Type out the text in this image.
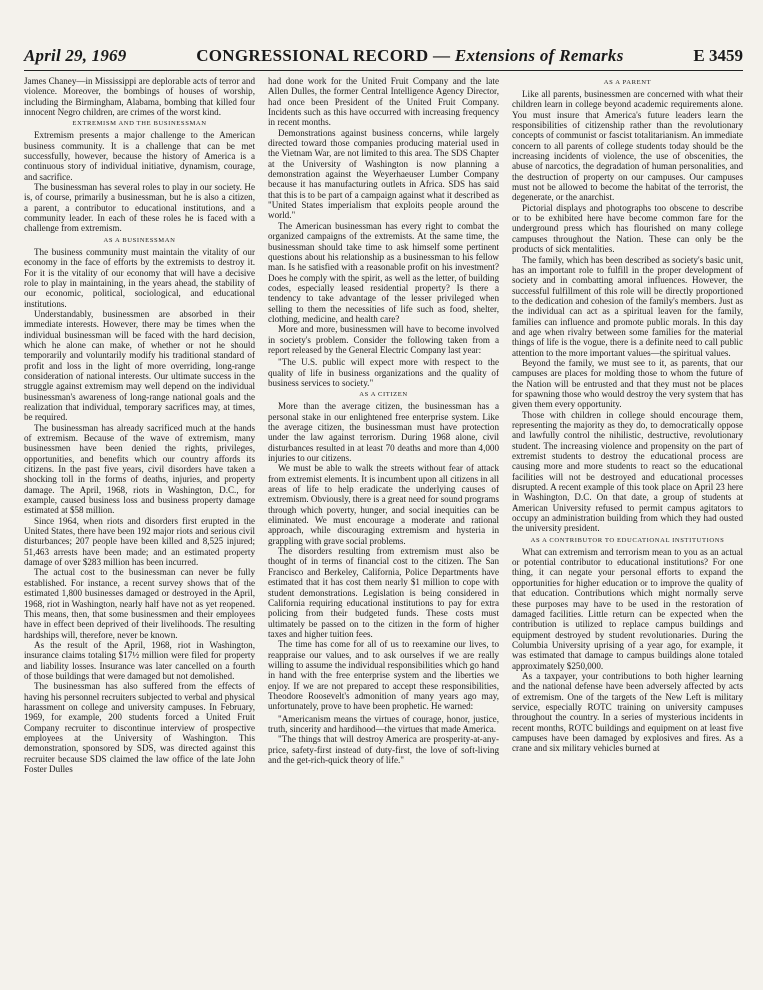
April 29, 1969	CONGRESSIONAL RECORD — Extensions of Remarks	E 3459

James Chaney—in Mississippi are deplorable acts of terror and violence. Moreover, the bombings of houses of worship, including the Birmingham, Alabama, bombing that killed four innocent Negro children, are crimes of the worst kind.

EXTREMISM AND THE BUSINESSMAN

Extremism presents a major challenge to the American business community. It is a challenge that can be met successfully, however, because the history of America is a continuous story of individual initiative, dynamism, courage, and sacrifice.

The businessman has several roles to play in our society. He is, of course, primarily a businessman, but he is also a citizen, a parent, a contributor to educational institutions, and a community leader. In each of these roles he is faced with a challenge from extremism.

AS A BUSINESSMAN

The business community must maintain the vitality of our economy in the face of efforts by the extremists to destroy it. For it is the vitality of our economy that will have a decisive role to play in maintaining, in the years ahead, the stability of our economic, political, sociological, and educational institutions.

Understandably, businessmen are absorbed in their immediate interests. However, there may be times when the individual businessman will be faced with the hard decision, which he alone can make, of whether or not he should temporarily and voluntarily modify his traditional standard of profit and loss in the light of more overriding, long-range consideration of national interests. Our ultimate success in the struggle against extremism may well depend on the individual businessman's awareness of long-range national goals and the realization that individual, temporary sacrifices may, at times, be required.

The businessman has already sacrificed much at the hands of extremism. Because of the wave of extremism, many businessmen have been denied the rights, privileges, opportunities, and benefits which our country affords its citizens. In the past five years, civil disorders have taken a shocking toll in the forms of deaths, injuries, and property damage. The April, 1968, riots in Washington, D.C., for example, caused business loss and business property damage estimated at $58 million.

Since 1964, when riots and disorders first erupted in the United States, there have been 192 major riots and serious civil disturbances; 207 people have been killed and 8,525 injured; 51,463 arrests have been made; and an estimated property damage of over $283 million has been incurred.

The actual cost to the businessman can never be fully established. For instance, a recent survey shows that of the estimated 1,800 businesses damaged or destroyed in the April, 1968, riot in Washington, nearly half have not as yet reopened. This means, then, that some businessmen and their employees have in effect been deprived of their livelihoods. The resulting hardships will, therefore, never be known.

As the result of the April, 1968, riot in Washington, insurance claims totaling $17½ million were filed for property and liability losses. Insurance was later cancelled on a fourth of those buildings that were damaged but not demolished.

The businessman has also suffered from the effects of having his personnel recruiters subjected to verbal and physical harassment on college and university campuses. In February, 1969, for example, 200 students forced a United Fruit Company recruiter to discontinue interview of prospective employees at the University of Washington. This demonstration, sponsored by SDS, was directed against this recruiter because SDS claimed the law office of the late John Foster Dulles

had done work for the United Fruit Company and the late Allen Dulles, the former Central Intelligence Agency Director, had once been President of the United Fruit Company. Incidents such as this have occurred with increasing frequency in recent months.

Demonstrations against business concerns, while largely directed toward those companies producing material used in the Vietnam War, are not limited to this area. The SDS Chapter at the University of Washington is now planning a demonstration against the Weyerhaeuser Lumber Company because it has manufacturing outlets in Africa. SDS has said that this is to be part of a campaign against what it described as "United States imperialism that exploits people around the world."

The American businessman has every right to combat the organized campaigns of the extremists. At the same time, the businessman should take time to ask himself some pertinent questions about his relationship as a businessman to his fellow man. Is he satisfied with a reasonable profit on his investment? Does he comply with the spirit, as well as the letter, of building codes, especially leased residential property? Is there a tendency to take advantage of the lesser privileged when selling to them the necessities of life such as food, shelter, clothing, medicine, and health care?

More and more, businessmen will have to become involved in society's problem. Consider the following taken from a report released by the General Electric Company last year:

"The U.S. public will expect more with respect to the quality of life in business organizations and the quality of business services to society."

AS A CITIZEN

More than the average citizen, the businessman has a personal stake in our enlightened free enterprise system. Like the average citizen, the businessman must have protection under the law against terrorism. During 1968 alone, civil disturbances resulted in at least 70 deaths and more than 4,000 injuries to our citizens.

We must be able to walk the streets without fear of attack from extremist elements. It is incumbent upon all citizens in all areas of life to help eradicate the underlying causes of extremism. Obviously, there is a great need for sound programs through which poverty, hunger, and social inequities can be eliminated. We must encourage a moderate and rational approach, while discouraging extremism and hysteria in grappling with grave social problems.

The disorders resulting from extremism must also be thought of in terms of financial cost to the citizen. The San Francisco and Berkeley, California, Police Departments have estimated that it has cost them nearly $1 million to cope with student demonstrations. Legislation is being considered in California requiring educational institutions to pay for extra policing from their budgeted funds. These costs must ultimately be passed on to the citizen in the form of higher taxes and higher tuition fees.

The time has come for all of us to reexamine our lives, to reappraise our values, and to ask ourselves if we are really willing to assume the individual responsibilities which go hand in hand with the free enterprise system and the liberties we enjoy. If we are not prepared to accept these responsibilities, Theodore Roosevelt's admonition of many years ago may, unfortunately, prove to have been prophetic. He warned:

"Americanism means the virtues of courage, honor, justice, truth, sincerity and hardihood—the virtues that made America.

"The things that will destroy America are prosperity-at-any-price, safety-first instead of duty-first, the love of soft-living and the get-rich-quick theory of life."

AS A PARENT

Like all parents, businessmen are concerned with what their children learn in college beyond academic requirements alone. You must insure that America's future leaders learn the responsibilities of citizenship rather than the revolutionary concepts of communist or fascist totalitarianism. An immediate concern to all parents of college students today should be the increasing incidents of violence, the use of obscenities, the abuse of narcotics, the degradation of human personalities, and the destruction of property on our campuses. Our campuses must not be allowed to become the habitat of the terrorist, the degenerate, or the anarchist.

Pictorial displays and photographs too obscene to describe or to be exhibited here have become common fare for the underground press which has flourished on many college campuses throughout the Nation. These can only be the products of sick mentalities.

The family, which has been described as society's basic unit, has an important role to fulfill in the proper development of society and in combatting amoral influences. However, the successful fulfillment of this role will be directly proportioned to the dedication and cohesion of the family's members. Just as the individual can act as a spiritual leaven for the family, families can influence and promote public morals. In this day and age when rivalry between some families for the material things of life is the vogue, there is a definite need to call public attention to the more important values—the spiritual values.

Beyond the family, we must see to it, as parents, that our campuses are places for molding those to whom the future of the Nation will be entrusted and that they must not be places for spawning those who would destroy the very system that has given them every opportunity.

Those with children in college should encourage them, representing the majority as they do, to democratically oppose and lawfully control the nihilistic, destructive, revolutionary student. The increasing violence and propensity on the part of extremist students to destroy the educational process are causing more and more students to react so the educational facilities will not be destroyed and educational processes disrupted. A recent example of this took place on April 23 here in Washington, D.C. On that date, a group of students at American University refused to permit campus agitators to occupy an administration building from which they had ousted the university president.

AS A CONTRIBUTOR TO EDUCATIONAL INSTITUTIONS

What can extremism and terrorism mean to you as an actual or potential contributor to educational institutions? For one thing, it can negate your personal efforts to expand the opportunities for higher education or to improve the quality of that education. Contributions which might normally serve these purposes may have to be used in the restoration of damaged facilities. Little return can be expected when the contribution is utilized to replace campus buildings and equipment destroyed by student revolutionaries. During the Columbia University uprising of a year ago, for example, it was estimated that damage to campus buildings alone totaled approximately $250,000.

As a taxpayer, your contributions to both higher learning and the national defense have been adversely affected by acts of extremism. One of the targets of the New Left is military service, especially ROTC training on university campuses throughout the country. In a series of mysterious incidents in recent months, ROTC buildings and equipment on at least five campuses have been damaged by explosives and fires. As a crane and six military vehicles burned at
